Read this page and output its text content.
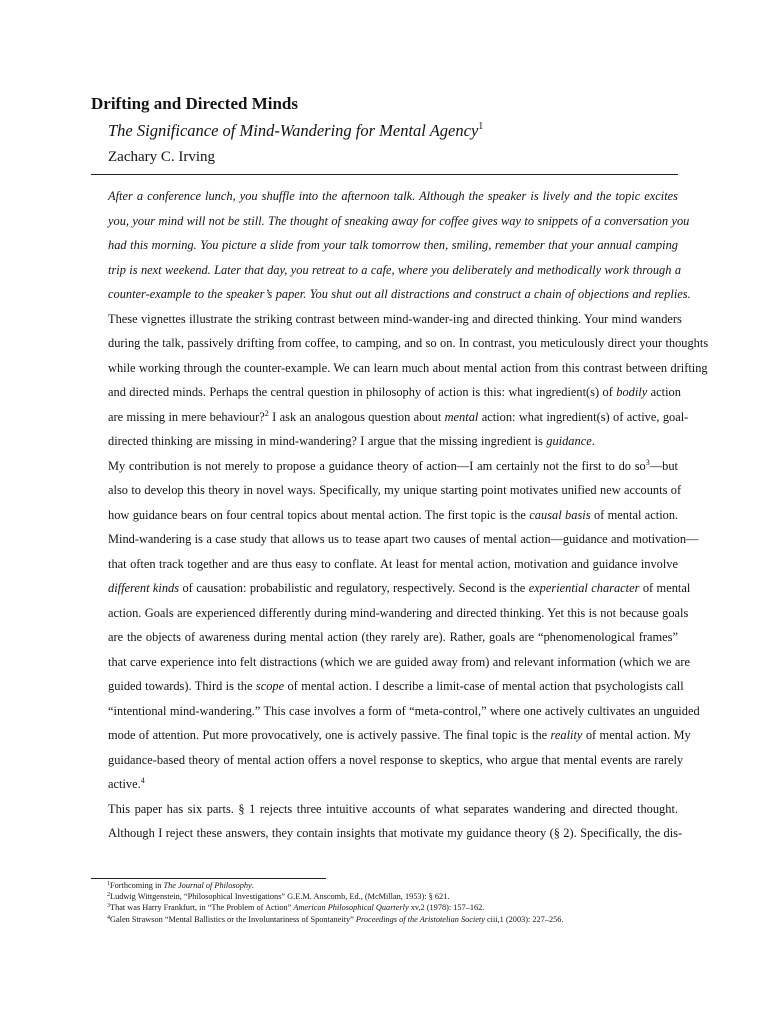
Drifting and Directed Minds
The Significance of Mind-Wandering for Mental Agency$^1$
Zachary C. Irving

After a conference lunch, you shuffle into the afternoon talk. Although the speaker is lively and the topic excites
you, your mind will not be still. The thought of sneaking away for coffee gives way to snippets of a conversation you
had this morning. You picture a slide from your talk tomorrow then, smiling, remember that your annual camping
trip is next weekend. Later that day, you retreat to a cafe, where you deliberately and methodically work through a
counter-example to the speaker’s paper. You shut out all distractions and construct a chain of objections and replies.

These vignettes illustrate the striking contrast between mind-wander-ing and directed thinking. Your mind wanders
during the talk, passively drifting from coffee, to camping, and so on. In contrast, you meticulously direct your thoughts
while working through the counter-example. We can learn much about mental action from this contrast between drifting
and directed minds. Perhaps the central question in philosophy of action is this: what ingredient(s) of bodily action
are missing in mere behaviour?$^2$ I ask an analogous question about mental action: what ingredient(s) of active, goal-
directed thinking are missing in mind-wandering? I argue that the missing ingredient is guidance.

My contribution is not merely to propose a guidance theory of action—I am certainly not the first to do $so^3—but$
also to develop this theory in novel ways. Specifically, my unique starting point motivates unified new accounts of
how guidance bears on four central topics about mental action. The first topic is the causal basis of mental action.
Mind-wandering is a case study that allows us to tease apart two causes of mental action—guidance and motivation—
that often track together and are thus easy to conflate. At least for mental action, motivation and guidance involve
different kinds of causation: probabilistic and regulatory, respectively. Second is the experiential character of mental
action. Goals are experienced differently during mind-wandering and directed thinking. Yet this is not because goals
are the objects of awareness during mental action (they rarely are). Rather, goals are “phenomenological frames”
that carve experience into felt distractions (which we are guided away from) and relevant information (which we are
guided towards). Third is the scope of mental action. I describe a limit-case of mental action that psychologists call
“intentional mind-wandering.” This case involves a form of “meta-control,” where one actively cultivates an unguided
mode of attention. Put more provocatively, one is actively passive. The final topic is the reality of mental action. My
guidance-based theory of mental action offers a novel response to skeptics, who argue that mental events are rarely
active.$^4$

This paper has six parts. § 1 rejects three intuitive accounts of what separates wandering and directed thought.
Although I reject these answers, they contain insights that motivate my guidance theory (§ 2). Specifically, the dis-

$^1$Forthcoming in The Journal of Philosophy.

$^2$Ludwig Wittgenstein, “Philosophical Investigations” G.E.M. Anscomb, Ed., (McMillan, 1953): § 621.

$^3$That was Harry Frankfurt, in “The Problem of Action” American Philosophical Quarterly xv,2 (1978): 157–162.

$^4$Galen Strawson “Mental Ballistics or the Involuntariness of Spontaneity” Proceedings of the Aristotelian Society ciii,1 (2003): 227–256.
